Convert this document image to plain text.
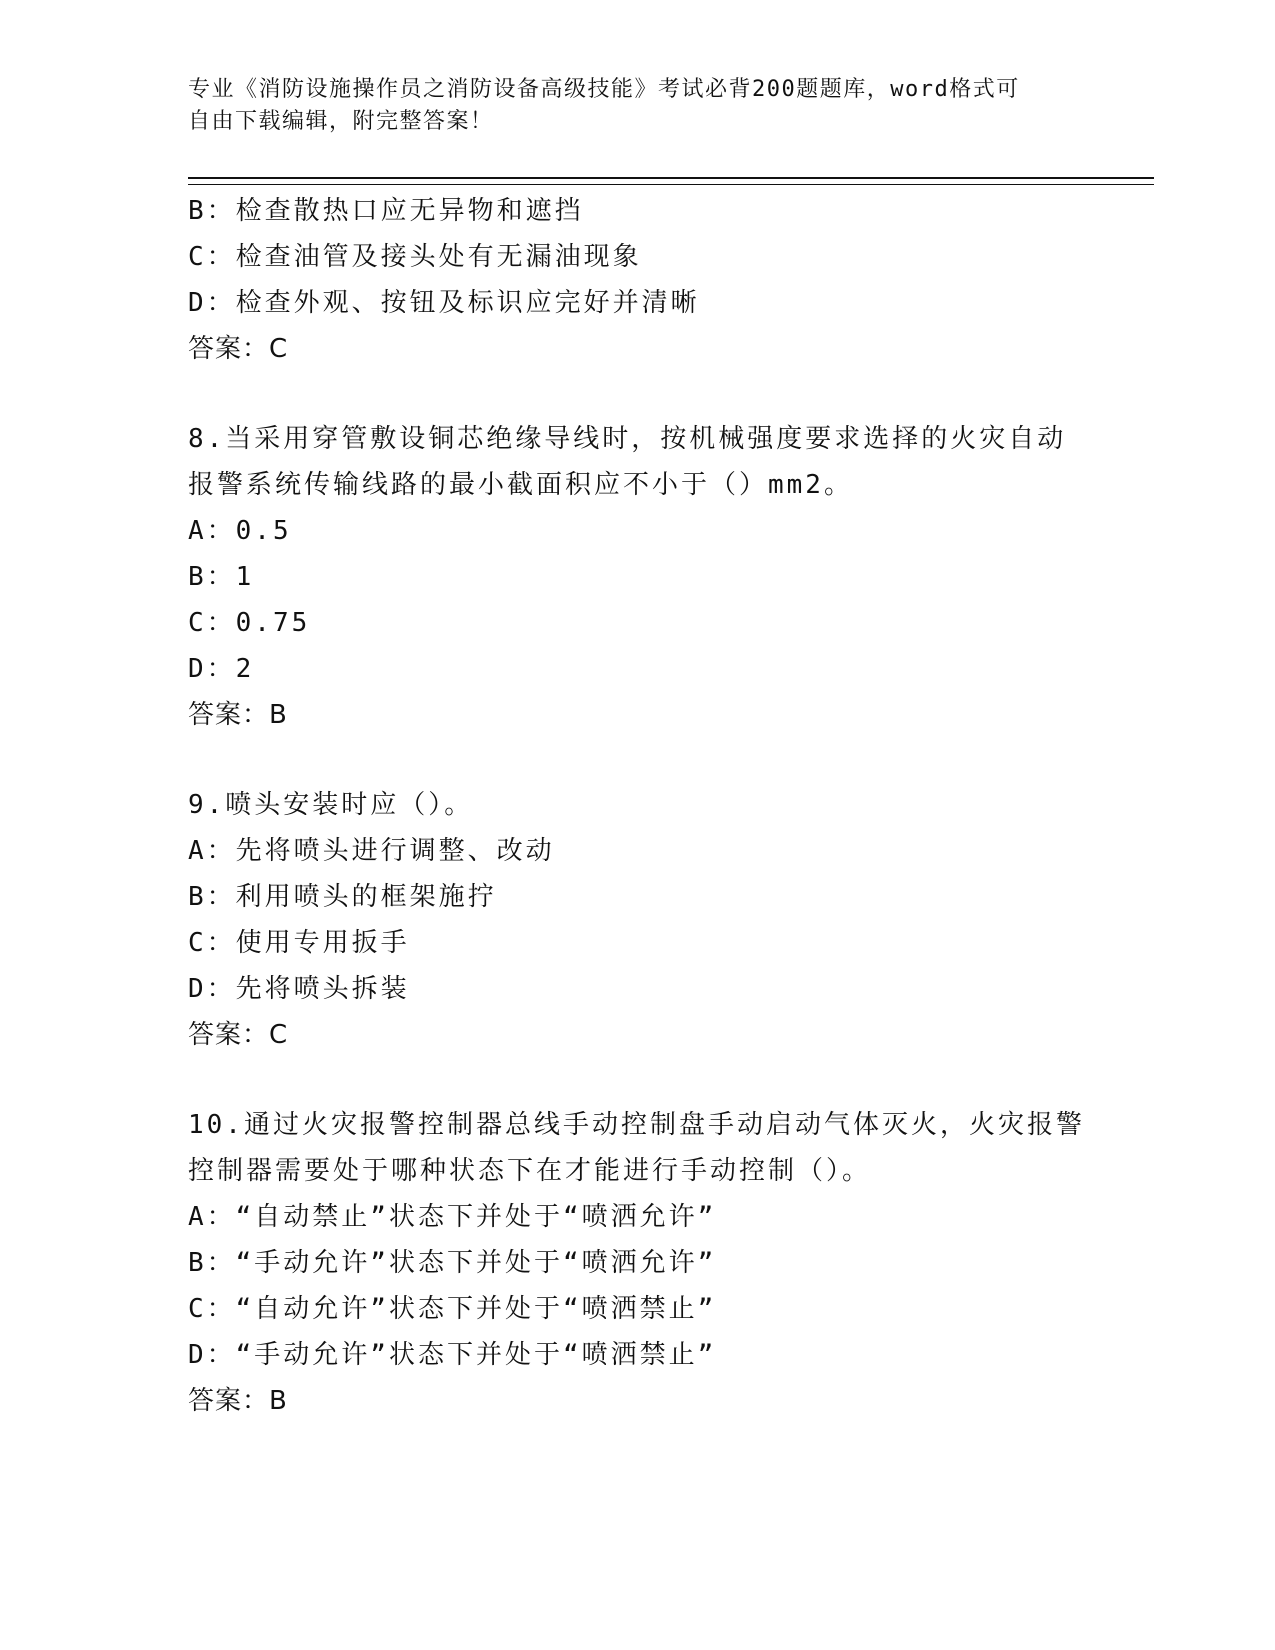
专业《消防设施操作员之消防设备高级技能》考试必背200题题库，word格式可
自由下载编辑，附完整答案！
B：检查散热口应无异物和遮挡
C：检查油管及接头处有无漏油现象
D：检查外观、按钮及标识应完好并清晰
答案：C
8.当采用穿管敷设铜芯绝缘导线时，按机械强度要求选择的火灾自动
报警系统传输线路的最小截面积应不小于（）mm2。
A：0.5
B：1
C：0.75
D：2
答案：B
9.喷头安装时应（）。
A：先将喷头进行调整、改动
B：利用喷头的框架施拧
C：使用专用扳手
D：先将喷头拆装
答案：C
10.通过火灾报警控制器总线手动控制盘手动启动气体灭火，火灾报警
控制器需要处于哪种状态下在才能进行手动控制（）。
A：“自动禁止”状态下并处于“喷洒允许”
B：“手动允许”状态下并处于“喷洒允许”
C：“自动允许”状态下并处于“喷洒禁止”
D：“手动允许”状态下并处于“喷洒禁止”
答案：B
